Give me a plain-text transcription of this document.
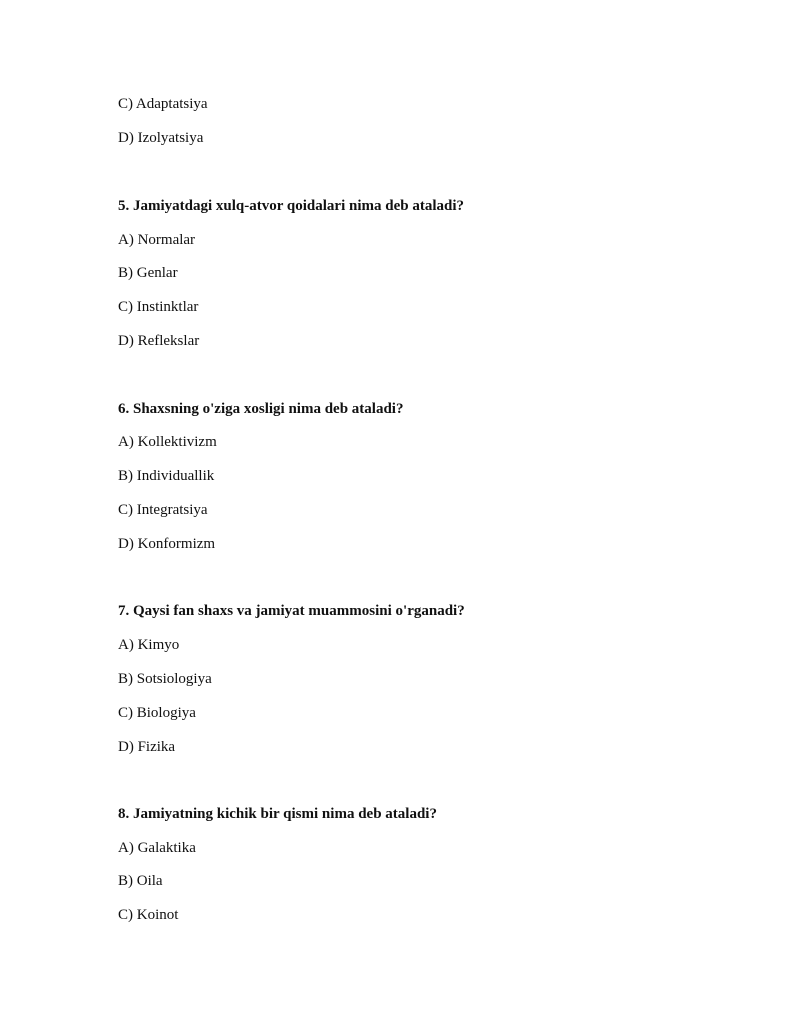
C) Adaptatsiya
D) Izolyatsiya
5. Jamiyatdagi xulq-atvor qoidalari nima deb ataladi?
A) Normalar
B) Genlar
C) Instinktlar
D) Reflekslar
6. Shaxsning o'ziga xosligi nima deb ataladi?
A) Kollektivizm
B) Individuallik
C) Integratsiya
D) Konformizm
7. Qaysi fan shaxs va jamiyat muammosini o'rganadi?
A) Kimyo
B) Sotsiologiya
C) Biologiya
D) Fizika
8. Jamiyatning kichik bir qismi nima deb ataladi?
A) Galaktika
B) Oila
C) Koinot
